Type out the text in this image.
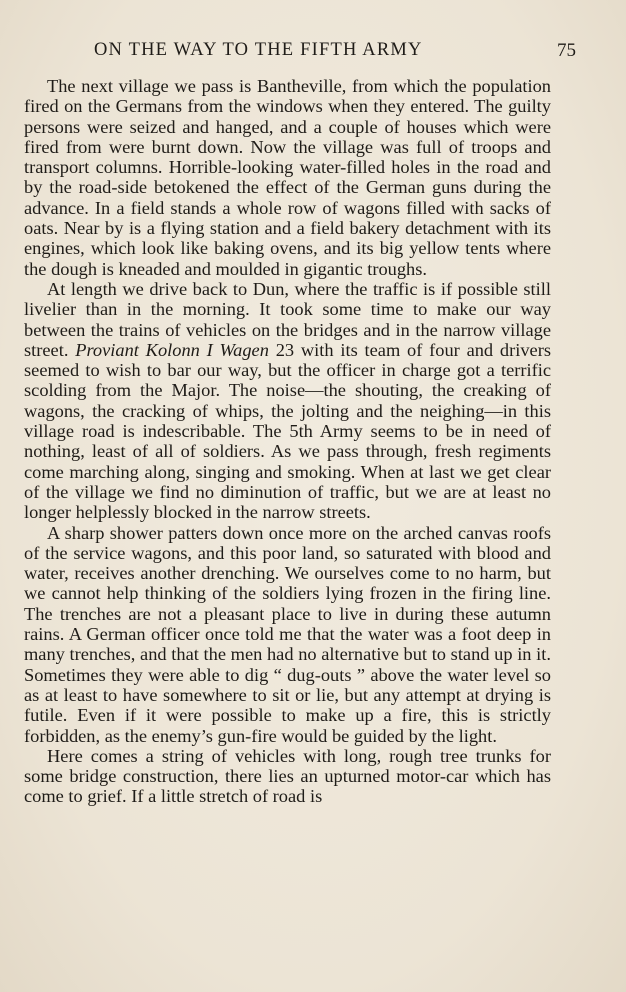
ON THE WAY TO THE FIFTH ARMY	75

The next village we pass is Bantheville, from which the population fired on the Germans from the windows when they entered. The guilty persons were seized and hanged, and a couple of houses which were fired from were burnt down. Now the village was full of troops and transport columns. Horrible-looking water-filled holes in the road and by the road-side betokened the effect of the German guns during the advance. In a field stands a whole row of wagons filled with sacks of oats. Near by is a flying station and a field bakery detachment with its engines, which look like baking ovens, and its big yellow tents where the dough is kneaded and moulded in gigantic troughs.

At length we drive back to Dun, where the traffic is if possible still livelier than in the morning. It took some time to make our way between the trains of vehicles on the bridges and in the narrow village street. Proviant Kolonn I Wagen 23 with its team of four and drivers seemed to wish to bar our way, but the officer in charge got a terrific scolding from the Major. The noise—the shouting, the creaking of wagons, the cracking of whips, the jolting and the neighing—in this village road is indescribable. The 5th Army seems to be in need of nothing, least of all of soldiers. As we pass through, fresh regiments come marching along, singing and smoking. When at last we get clear of the village we find no diminution of traffic, but we are at least no longer helplessly blocked in the narrow streets.

A sharp shower patters down once more on the arched canvas roofs of the service wagons, and this poor land, so saturated with blood and water, receives another drenching. We ourselves come to no harm, but we cannot help thinking of the soldiers lying frozen in the firing line. The trenches are not a pleasant place to live in during these autumn rains. A German officer once told me that the water was a foot deep in many trenches, and that the men had no alternative but to stand up in it. Sometimes they were able to dig “ dug-outs ” above the water level so as at least to have somewhere to sit or lie, but any attempt at drying is futile. Even if it were possible to make up a fire, this is strictly forbidden, as the enemy’s gun-fire would be guided by the light.

Here comes a string of vehicles with long, rough tree trunks for some bridge construction, there lies an upturned motor-car which has come to grief. If a little stretch of road is
